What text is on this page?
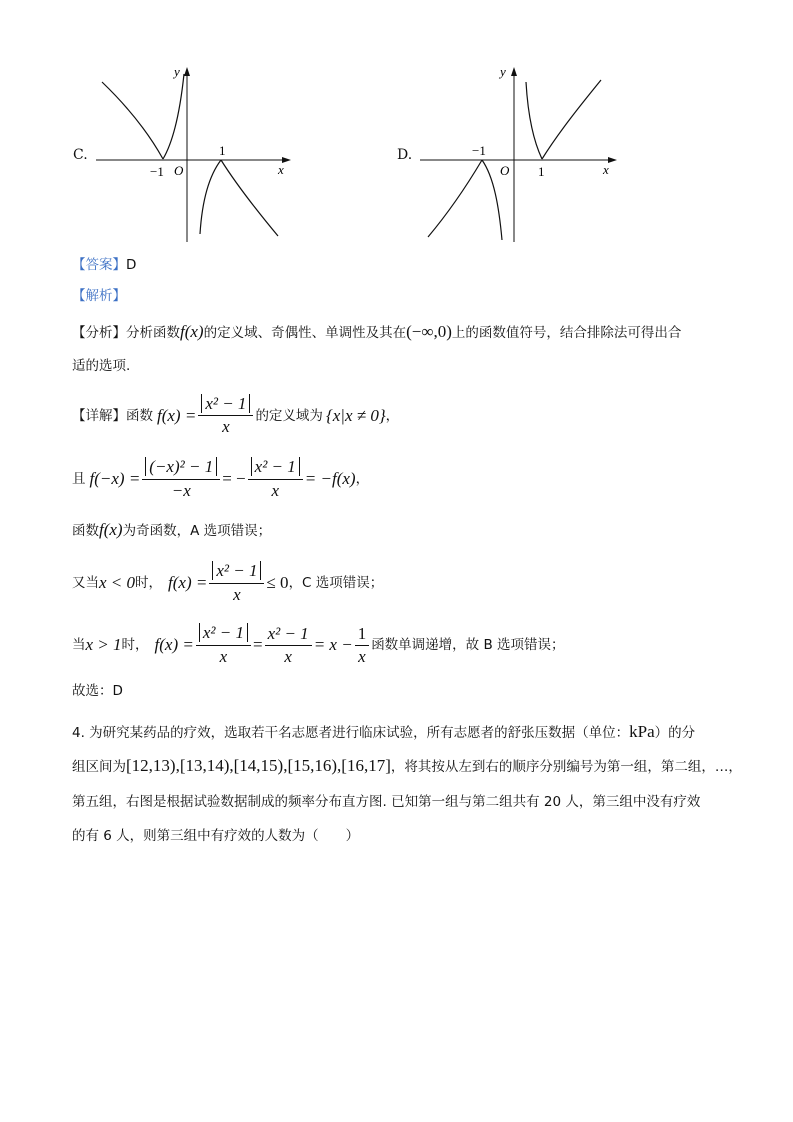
C.
y
x
O
−1
1	D.
y
x
O
−1
1
【答案】D
【解析】
【分析】分析函数f(x)的定义域、奇偶性、单调性及其在(−∞,0)上的函数值符号，结合排除法可得出合
适的选项.
【详解】 函数 $f(x) = \frac{\text{x² − 1}}{x}$ 的定义域为 {x|x ≠ 0} ，
且 $f(-x) = \frac{\text{(−x)² − 1}}{-x}$ = − $\frac{\text{x² − 1}}{x} = -f(x)$ ，
函数f(x)为奇函数，A 选项错误；
又当 x < 0 时， $f(x) = \frac{\text{x² − 1}}{x} \le 0$ ，C 选项错误；
当 x > 1 时， $f(x) = \frac{\text{x² − 1}}{x} = \frac{\text{x² − 1}}{x} = x - \frac{1}{x}$ 函数单调递增，故 B 选项错误；
故选：D
4. 为研究某药品的疗效，选取若干名志愿者进行临床试验，所有志愿者的舒张压数据（单位：kPa）的分
组区间为[12,13),[13,14),[14,15),[15,16),[16,17]，将其按从左到右的顺序分别编号为第一组，第二组，…，
第五组，右图是根据试验数据制成的频率分布直方图. 已知第一组与第二组共有 20 人，第三组中没有疗效
的有 6 人，则第三组中有疗效的人数为（　　）
